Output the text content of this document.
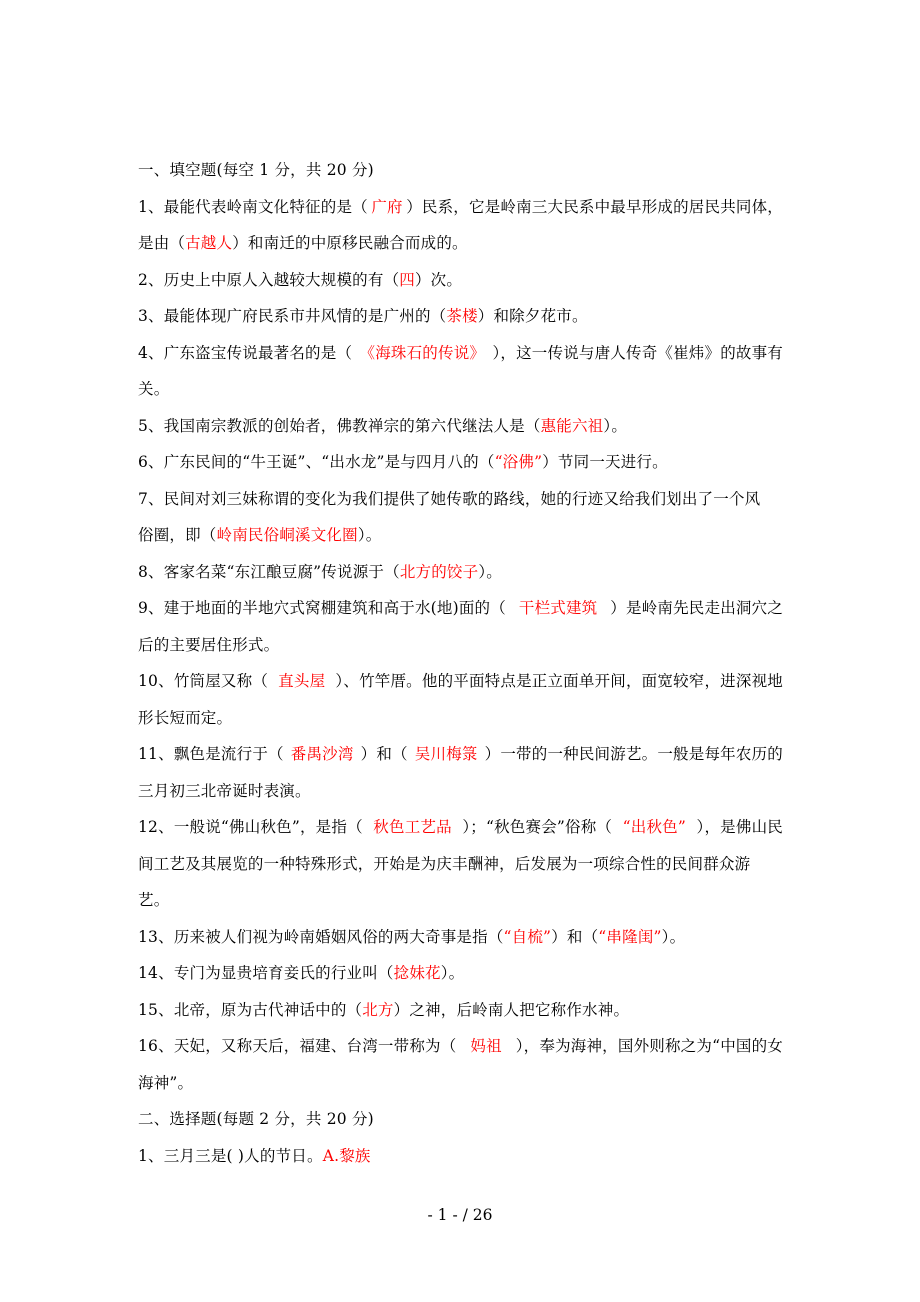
一、填空题(每空 1 分，共 20 分)
1、最能代表岭南文化特征的是（ 广府 ）民系，它是岭南三大民系中最早形成的居民共同体，
是由（古越人）和南迁的中原移民融合而成的。
2、历史上中原人入越较大规模的有（四）次。
3、最能体现广府民系市井风情的是广州的（茶楼）和除夕花市。
4、广东盗宝传说最著名的是（ 《海珠石的传说》 ），这一传说与唐人传奇《崔炜》的故事有
关。
5、我国南宗教派的创始者，佛教禅宗的第六代继法人是（惠能六祖）。
6、广东民间的“牛王诞”、“出水龙”是与四月八的（“浴佛”）节同一天进行。
7、民间对刘三妹称谓的变化为我们提供了她传歌的路线，她的行迹又给我们划出了一个风
俗圈，即（岭南民俗峒溪文化圈）。
8、客家名菜“东江酿豆腐”传说源于（北方的饺子）。
9、建于地面的半地穴式窝棚建筑和高于水(地)面的（ 干栏式建筑 ）是岭南先民走出洞穴之
后的主要居住形式。
10、竹筒屋又称（ 直头屋 ）、竹竿厝。他的平面特点是正立面单开间，面宽较窄，进深视地
形长短而定。
11、飘色是流行于（ 番禺沙湾 ）和（ 吴川梅箓 ）一带的一种民间游艺。一般是每年农历的
三月初三北帝诞时表演。
12、一般说“佛山秋色”，是指（ 秋色工艺品 ）；“秋色赛会”俗称（ “出秋色” ），是佛山民
间工艺及其展览的一种特殊形式，开始是为庆丰酬神，后发展为一项综合性的民间群众游
艺。
13、历来被人们视为岭南婚姻风俗的两大奇事是指（“自梳”）和（“串隆闺”）。
14、专门为显贵培育妾氏的行业叫（捻妹花）。
15、北帝，原为古代神话中的（北方）之神，后岭南人把它称作水神。
16、天妃，又称天后，福建、台湾一带称为（ 妈祖 ），奉为海神，国外则称之为“中国的女
海神”。
二、选择题(每题 2 分，共 20 分)
1、三月三是( )人的节日。A.黎族
- 1 - / 26
